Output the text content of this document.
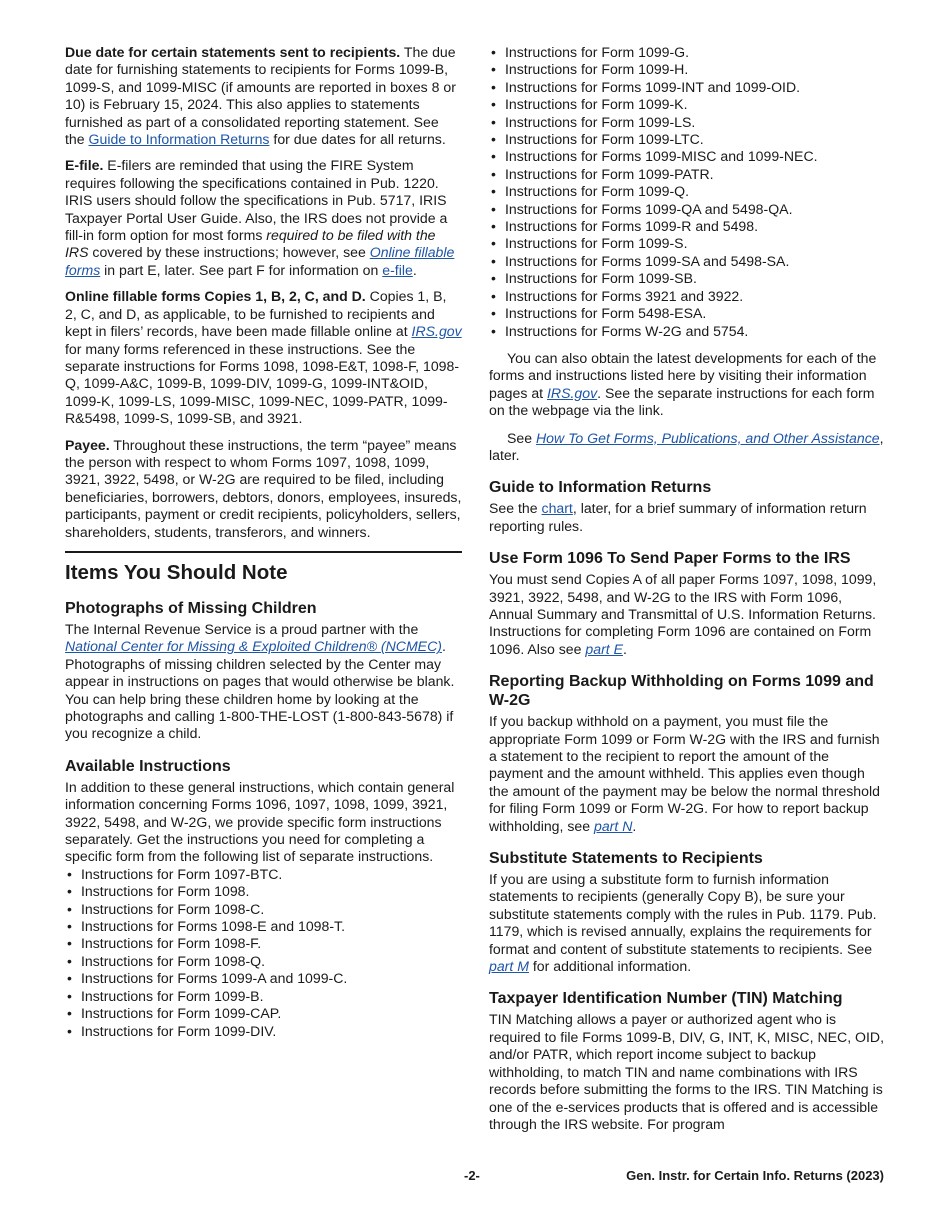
Due date for certain statements sent to recipients. The due date for furnishing statements to recipients for Forms 1099-B, 1099-S, and 1099-MISC (if amounts are reported in boxes 8 or 10) is February 15, 2024. This also applies to statements furnished as part of a consolidated reporting statement. See the Guide to Information Returns for due dates for all returns.

E-file. E-filers are reminded that using the FIRE System requires following the specifications contained in Pub. 1220. IRIS users should follow the specifications in Pub. 5717, IRIS Taxpayer Portal User Guide. Also, the IRS does not provide a fill-in form option for most forms required to be filed with the IRS covered by these instructions; however, see Online fillable forms in part E, later. See part F for information on e-file.

Online fillable forms Copies 1, B, 2, C, and D. Copies 1, B, 2, C, and D, as applicable, to be furnished to recipients and kept in filers’ records, have been made fillable online at IRS.gov for many forms referenced in these instructions. See the separate instructions for Forms 1098, 1098-E&T, 1098-F, 1098-Q, 1099-A&C, 1099-B, 1099-DIV, 1099-G, 1099-INT&OID, 1099-K, 1099-LS, 1099-MISC, 1099-NEC, 1099-PATR, 1099-R&5498, 1099-S, 1099-SB, and 3921.

Payee. Throughout these instructions, the term “payee” means the person with respect to whom Forms 1097, 1098, 1099, 3921, 3922, 5498, or W-2G are required to be filed, including beneficiaries, borrowers, debtors, donors, employees, insureds, participants, payment or credit recipients, policyholders, sellers, shareholders, students, transferors, and winners.

Items You Should Note
Photographs of Missing Children

The Internal Revenue Service is a proud partner with the National Center for Missing & Exploited Children® (NCMEC). Photographs of missing children selected by the Center may appear in instructions on pages that would otherwise be blank. You can help bring these children home by looking at the photographs and calling 1-800-THE-LOST (1-800-843-5678) if you recognize a child.

Available Instructions

In addition to these general instructions, which contain general information concerning Forms 1096, 1097, 1098, 1099, 3921, 3922, 5498, and W-2G, we provide specific form instructions separately. Get the instructions you need for completing a specific form from the following list of separate instructions.

• Instructions for Form 1097-BTC.
• Instructions for Form 1098.
• Instructions for Form 1098-C.
• Instructions for Forms 1098-E and 1098-T.
• Instructions for Form 1098-F.
• Instructions for Form 1098-Q.
• Instructions for Forms 1099-A and 1099-C.
• Instructions for Form 1099-B.
• Instructions for Form 1099-CAP.
• Instructions for Form 1099-DIV.
• Instructions for Form 1099-G.
• Instructions for Form 1099-H.
• Instructions for Forms 1099-INT and 1099-OID.
• Instructions for Form 1099-K.
• Instructions for Form 1099-LS.
• Instructions for Form 1099-LTC.
• Instructions for Forms 1099-MISC and 1099-NEC.
• Instructions for Form 1099-PATR.
• Instructions for Form 1099-Q.
• Instructions for Forms 1099-QA and 5498-QA.
• Instructions for Forms 1099-R and 5498.
• Instructions for Form 1099-S.
• Instructions for Forms 1099-SA and 5498-SA.
• Instructions for Form 1099-SB.
• Instructions for Forms 3921 and 3922.
• Instructions for Form 5498-ESA.
• Instructions for Forms W-2G and 5754.

You can also obtain the latest developments for each of the forms and instructions listed here by visiting their information pages at IRS.gov. See the separate instructions for each form on the webpage via the link.

See How To Get Forms, Publications, and Other Assistance, later.

Guide to Information Returns

See the chart, later, for a brief summary of information return reporting rules.

Use Form 1096 To Send Paper Forms to the IRS

You must send Copies A of all paper Forms 1097, 1098, 1099, 3921, 3922, 5498, and W-2G to the IRS with Form 1096, Annual Summary and Transmittal of U.S. Information Returns. Instructions for completing Form 1096 are contained on Form 1096. Also see part E.

Reporting Backup Withholding on Forms 1099 and W-2G

If you backup withhold on a payment, you must file the appropriate Form 1099 or Form W-2G with the IRS and furnish a statement to the recipient to report the amount of the payment and the amount withheld. This applies even though the amount of the payment may be below the normal threshold for filing Form 1099 or Form W-2G. For how to report backup withholding, see part N.

Substitute Statements to Recipients

If you are using a substitute form to furnish information statements to recipients (generally Copy B), be sure your substitute statements comply with the rules in Pub. 1179. Pub. 1179, which is revised annually, explains the requirements for format and content of substitute statements to recipients. See part M for additional information.

Taxpayer Identification Number (TIN) Matching

TIN Matching allows a payer or authorized agent who is required to file Forms 1099-B, DIV, G, INT, K, MISC, NEC, OID, and/or PATR, which report income subject to backup withholding, to match TIN and name combinations with IRS records before submitting the forms to the IRS. TIN Matching is one of the e-services products that is offered and is accessible through the IRS website. For program

-2-	Gen. Instr. for Certain Info. Returns (2023)
